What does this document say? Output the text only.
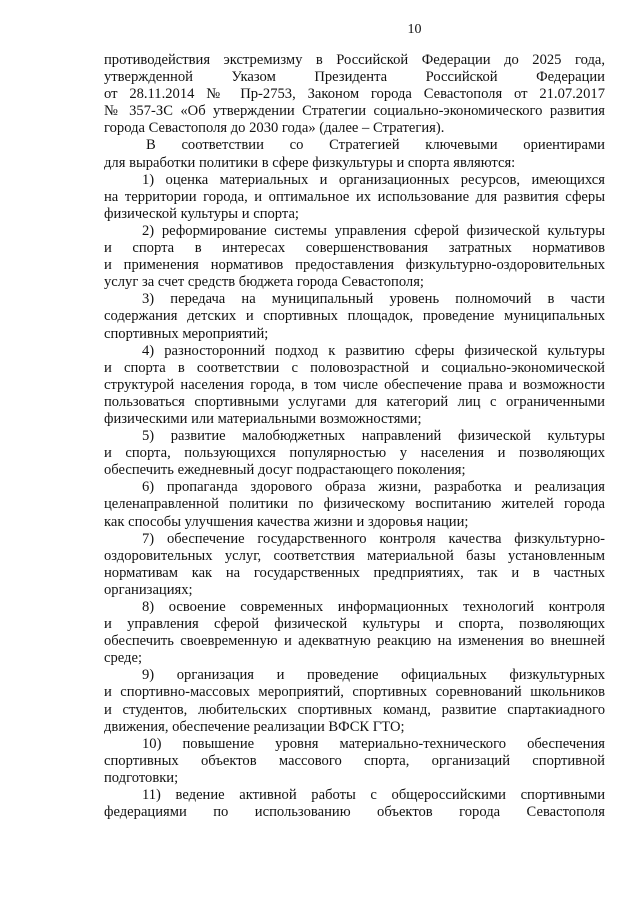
10
противодействия экстремизму в Российской Федерации до 2025 года,
утвержденной Указом Президента Российской Федерации
от 28.11.2014 № Пр-2753, Законом города Севастополя от 21.07.2017
№ 357-ЗС «Об утверждении Стратегии социально-экономического развития
города Севастополя до 2030 года» (далее – Стратегия).
В соответствии со Стратегией ключевыми ориентирами
для выработки политики в сфере физкультуры и спорта являются:
1) оценка материальных и организационных ресурсов, имеющихся
на территории города, и оптимальное их использование для развития сферы
физической культуры и спорта;
2) реформирование системы управления сферой физической культуры
и спорта в интересах совершенствования затратных нормативов
и применения нормативов предоставления физкультурно-оздоровительных
услуг за счет средств бюджета города Севастополя;
3) передача на муниципальный уровень полномочий в части
содержания детских и спортивных площадок, проведение муниципальных
спортивных мероприятий;
4) разносторонний подход к развитию сферы физической культуры
и спорта в соответствии с половозрастной и социально-экономической
структурой населения города, в том числе обеспечение права и возможности
пользоваться спортивными услугами для категорий лиц с ограниченными
физическими или материальными возможностями;
5) развитие малобюджетных направлений физической культуры
и спорта, пользующихся популярностью у населения и позволяющих
обеспечить ежедневный досуг подрастающего поколения;
6) пропаганда здорового образа жизни, разработка и реализация
целенаправленной политики по физическому воспитанию жителей города
как способы улучшения качества жизни и здоровья нации;
7) обеспечение государственного контроля качества физкультурно-
оздоровительных услуг, соответствия материальной базы установленным
нормативам как на государственных предприятиях, так и в частных
организациях;
8) освоение современных информационных технологий контроля
и управления сферой физической культуры и спорта, позволяющих
обеспечить своевременную и адекватную реакцию на изменения во внешней
среде;
9) организация и проведение официальных физкультурных
и спортивно-массовых мероприятий, спортивных соревнований школьников
и студентов, любительских спортивных команд, развитие спартакиадного
движения, обеспечение реализации ВФСК ГТО;
10) повышение уровня материально-технического обеспечения
спортивных объектов массового спорта, организаций спортивной
подготовки;
11) ведение активной работы с общероссийскими спортивными
федерациями по использованию объектов города Севастополя
